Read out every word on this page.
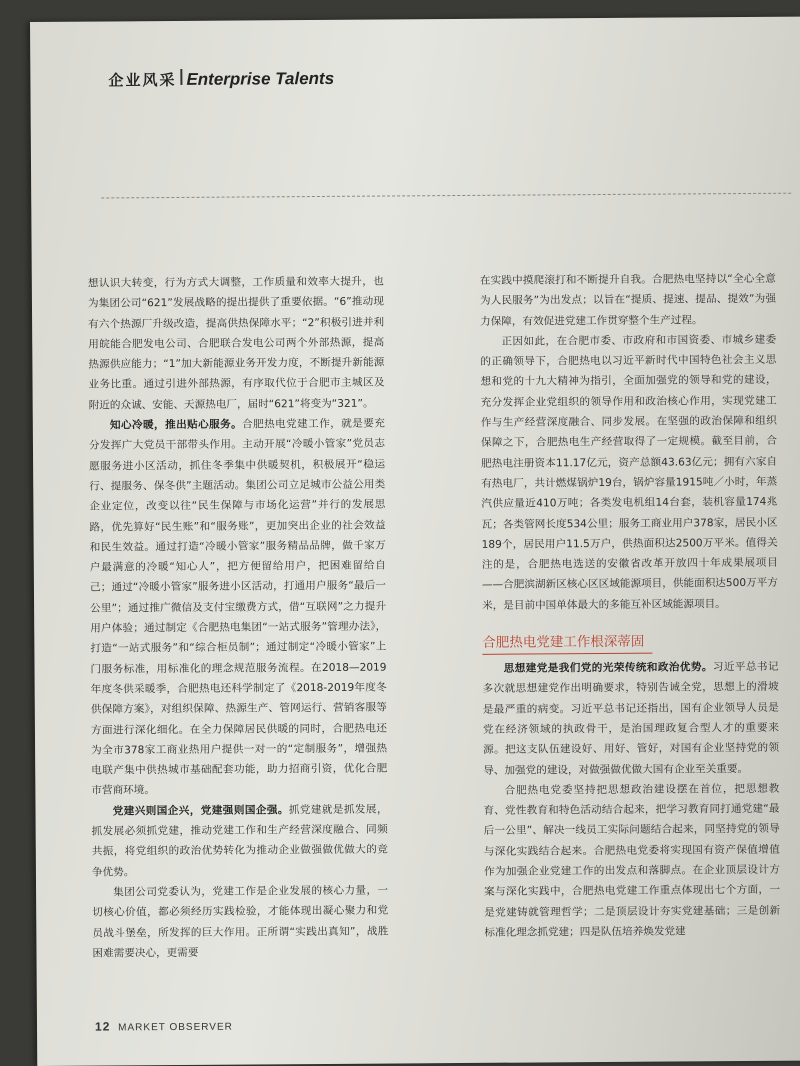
企业风采 Enterprise Talents

想认识大转变，行为方式大调整，工作质量和效率大提升，也为集团公司“621”发展战略的提出提供了重要依据。“6”推动现有六个热源厂升级改造，提高供热保障水平；“2”积极引进并利用皖能合肥发电公司、合肥联合发电公司两个外部热源，提高热源供应能力；“1”加大新能源业务开发力度，不断提升新能源业务比重。通过引进外部热源，有序取代位于合肥市主城区及附近的众诚、安能、天源热电厂，届时“621”将变为“321”。

知心冷暖，推出贴心服务。合肥热电党建工作，就是要充分发挥广大党员干部带头作用。主动开展“冷暖小管家”党员志愿服务进小区活动，抓住冬季集中供暖契机，积极展开“稳运行、提服务、保冬供”主题活动。集团公司立足城市公益公用类企业定位，改变以往“民生保障与市场化运营”并行的发展思路，优先算好“民生账”和“服务账”，更加突出企业的社会效益和民生效益。通过打造“冷暖小管家”服务精品品牌，做千家万户最满意的冷暖“知心人”，把方便留给用户，把困难留给自己；通过“冷暖小管家”服务进小区活动，打通用户服务“最后一公里”；通过推广微信及支付宝缴费方式，借“互联网”之力提升用户体验；通过制定《合肥热电集团“一站式服务”管理办法》，打造“一站式服务”和“综合柜员制”；通过制定“冷暖小管家”上门服务标准，用标准化的理念规范服务流程。在2018—2019年度冬供采暖季，合肥热电还科学制定了《2018-2019年度冬供保障方案》，对组织保障、热源生产、管网运行、营销客服等方面进行深化细化。在全力保障居民供暖的同时，合肥热电还为全市378家工商业热用户提供一对一的“定制服务”，增强热电联产集中供热城市基础配套功能，助力招商引资，优化合肥市营商环境。

党建兴则国企兴，党建强则国企强。抓党建就是抓发展，抓发展必须抓党建，推动党建工作和生产经营深度融合、同频共振，将党组织的政治优势转化为推动企业做强做优做大的竞争优势。

集团公司党委认为，党建工作是企业发展的核心力量，一切核心价值，都必须经历实践检验，才能体现出凝心聚力和党员战斗堡垒，所发挥的巨大作用。正所谓“实践出真知”，战胜困难需要决心，更需要

在实践中摸爬滚打和不断提升自我。合肥热电坚持以“全心全意为人民服务”为出发点；以旨在“提质、提速、提品、提效”为强力保障，有效促进党建工作贯穿整个生产过程。

正因如此，在合肥市委、市政府和市国资委、市城乡建委的正确领导下，合肥热电以习近平新时代中国特色社会主义思想和党的十九大精神为指引，全面加强党的领导和党的建设，充分发挥企业党组织的领导作用和政治核心作用，实现党建工作与生产经营深度融合、同步发展。在坚强的政治保障和组织保障之下，合肥热电生产经营取得了一定规模。截至目前，合肥热电注册资本11.17亿元，资产总额43.63亿元；拥有六家自有热电厂，共计燃煤锅炉19台，锅炉容量1915吨／小时，年蒸汽供应量近410万吨；各类发电机组14台套，装机容量174兆瓦；各类管网长度534公里；服务工商业用户378家，居民小区189个，居民用户11.5万户，供热面积达2500万平米。值得关注的是，合肥热电选送的安徽省改革开放四十年成果展项目——合肥滨湖新区核心区区域能源项目，供能面积达500万平方米，是目前中国单体最大的多能互补区域能源项目。

合肥热电党建工作根深蒂固

思想建党是我们党的光荣传统和政治优势。习近平总书记多次就思想建党作出明确要求，特别告诫全党，思想上的滑坡是最严重的病变。习近平总书记还指出，国有企业领导人员是党在经济领域的执政骨干，是治国理政复合型人才的重要来源。把这支队伍建设好、用好、管好，对国有企业坚持党的领导、加强党的建设，对做强做优做大国有企业至关重要。

合肥热电党委坚持把思想政治建设摆在首位，把思想教育、党性教育和特色活动结合起来，把学习教育同打通党建“最后一公里”、解决一线员工实际问题结合起来，同坚持党的领导与深化实践结合起来。合肥热电党委将实现国有资产保值增值作为加强企业党建工作的出发点和落脚点。在企业顶层设计方案与深化实践中，合肥热电党建工作重点体现出七个方面，一是党建铸就管理哲学；二是顶层设计夯实党建基础；三是创新标准化理念抓党建；四是队伍培养焕发党建

12 MARKET OBSERVER
